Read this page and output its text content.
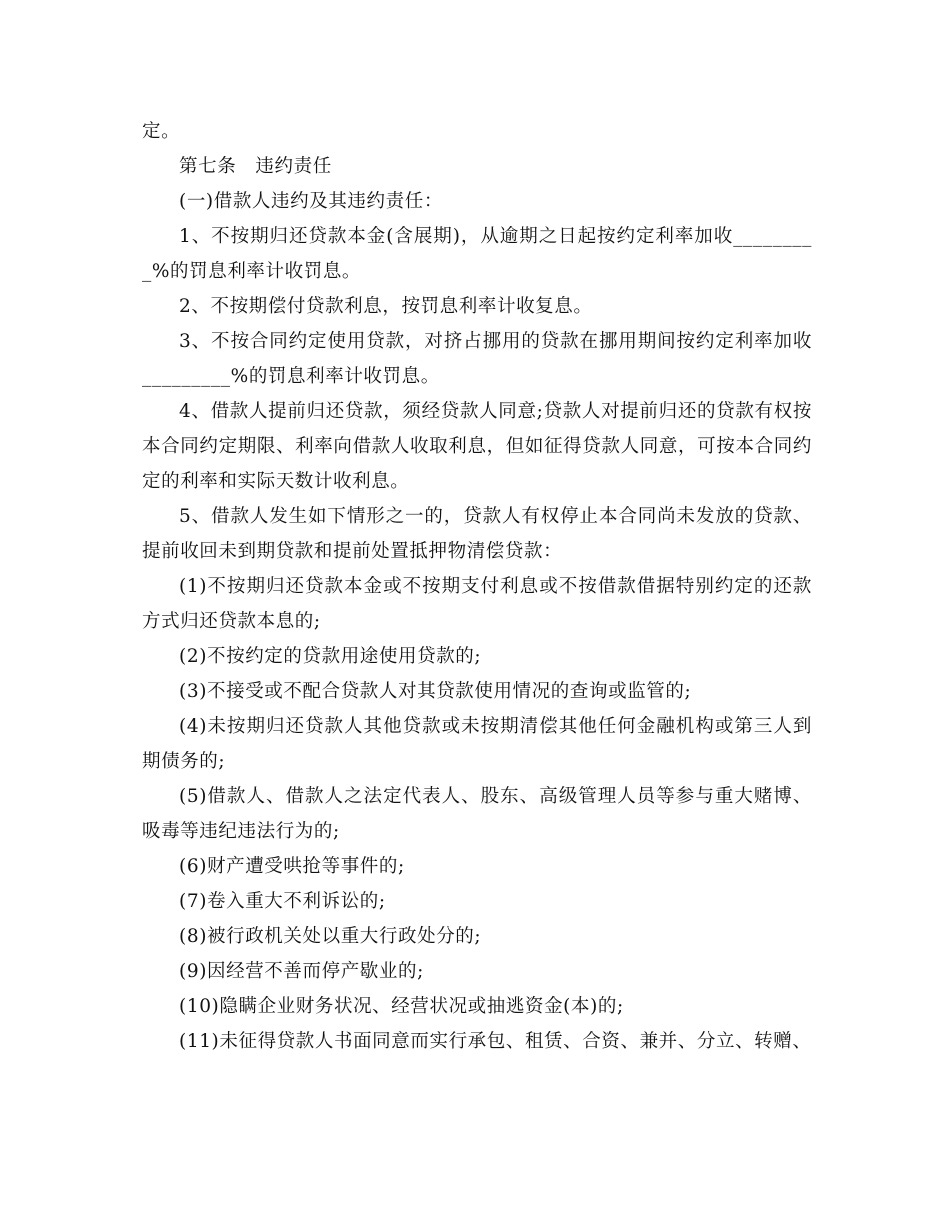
定。

第七条　违约责任

(一)借款人违约及其违约责任：

1、不按期归还贷款本金(含展期)，从逾期之日起按约定利率加收_________%的罚息利率计收罚息。

2、不按期偿付贷款利息，按罚息利率计收复息。

3、不按合同约定使用贷款，对挤占挪用的贷款在挪用期间按约定利率加收_________%的罚息利率计收罚息。

4、借款人提前归还贷款，须经贷款人同意;贷款人对提前归还的贷款有权按本合同约定期限、利率向借款人收取利息，但如征得贷款人同意，可按本合同约定的利率和实际天数计收利息。

5、借款人发生如下情形之一的，贷款人有权停止本合同尚未发放的贷款、提前收回未到期贷款和提前处置抵押物清偿贷款：

(1)不按期归还贷款本金或不按期支付利息或不按借款借据特别约定的还款方式归还贷款本息的;

(2)不按约定的贷款用途使用贷款的;

(3)不接受或不配合贷款人对其贷款使用情况的查询或监管的;

(4)未按期归还贷款人其他贷款或未按期清偿其他任何金融机构或第三人到期债务的;

(5)借款人、借款人之法定代表人、股东、高级管理人员等参与重大赌博、吸毒等违纪违法行为的;

(6)财产遭受哄抢等事件的;

(7)卷入重大不利诉讼的;

(8)被行政机关处以重大行政处分的;

(9)因经营不善而停产歇业的;

(10)隐瞒企业财务状况、经营状况或抽逃资金(本)的;

(11)未征得贷款人书面同意而实行承包、租赁、合资、兼并、分立、转赠、
